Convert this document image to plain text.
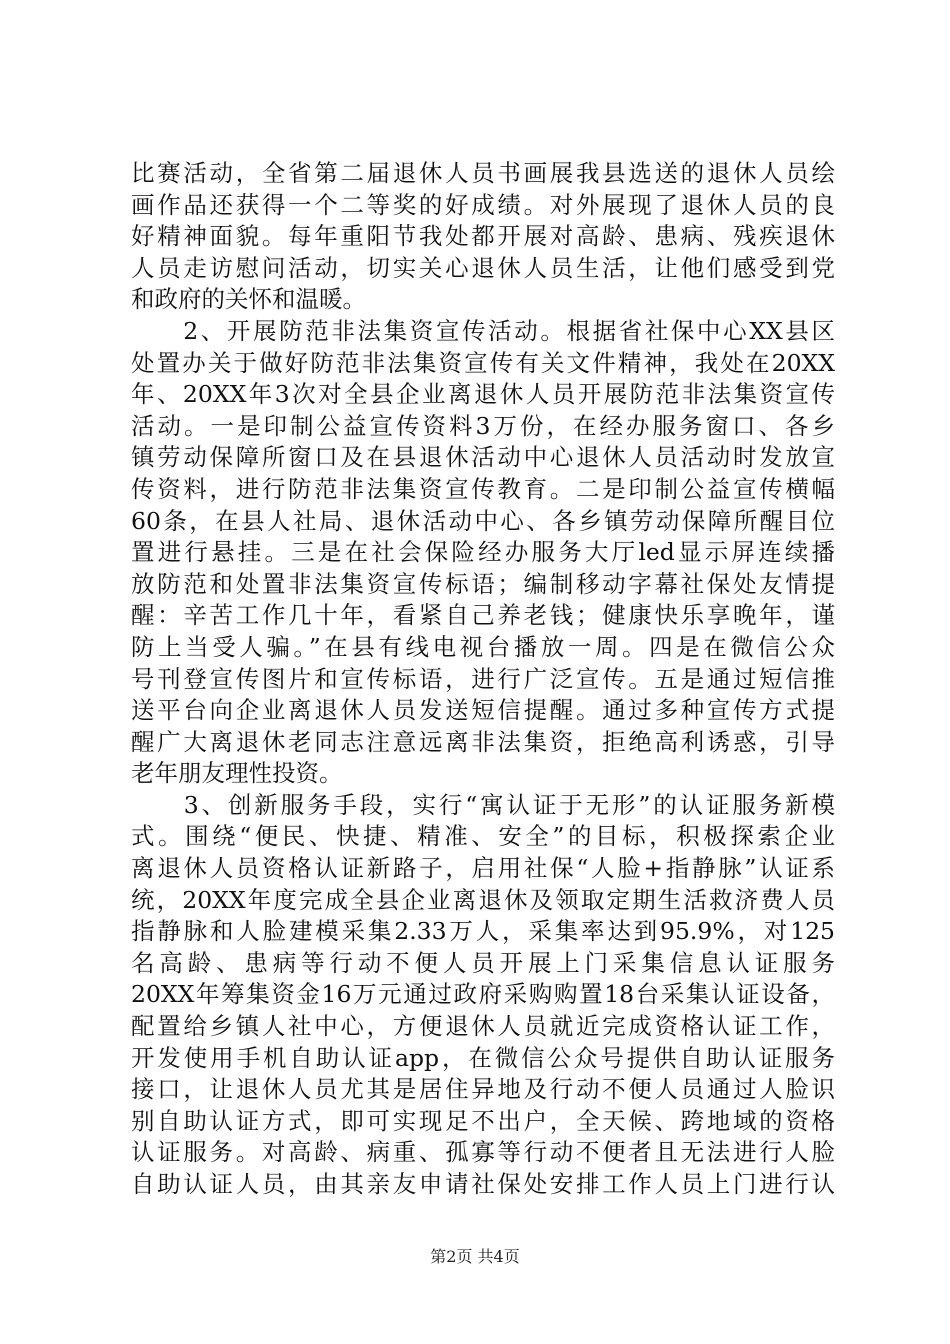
比赛活动，全省第二届退休人员书画展我县选送的退休人员绘
画作品还获得一个二等奖的好成绩。对外展现了退休人员的良
好精神面貌。每年重阳节我处都开展对高龄、患病、残疾退休
人员走访慰问活动，切实关心退休人员生活，让他们感受到党
和政府的关怀和温暖。
　　2、开展防范非法集资宣传活动。根据省社保中心XX县区
处置办关于做好防范非法集资宣传有关文件精神，我处在20XX
年、20XX年3次对全县企业离退休人员开展防范非法集资宣传
活动。一是印制公益宣传资料3万份，在经办服务窗口、各乡
镇劳动保障所窗口及在县退休活动中心退休人员活动时发放宣
传资料，进行防范非法集资宣传教育。二是印制公益宣传横幅
60条，在县人社局、退休活动中心、各乡镇劳动保障所醒目位
置进行悬挂。三是在社会保险经办服务大厅led显示屏连续播
放防范和处置非法集资宣传标语；编制移动字幕社保处友情提
醒：辛苦工作几十年，看紧自己养老钱；健康快乐享晚年，谨
防上当受人骗。”在县有线电视台播放一周。四是在微信公众
号刊登宣传图片和宣传标语，进行广泛宣传。五是通过短信推
送平台向企业离退休人员发送短信提醒。通过多种宣传方式提
醒广大离退休老同志注意远离非法集资，拒绝高利诱惑，引导
老年朋友理性投资。
　　3、创新服务手段，实行“寓认证于无形”的认证服务新模
式。围绕“便民、快捷、精准、安全”的目标，积极探索企业
离退休人员资格认证新路子，启用社保“人脸+指静脉”认证系
统，20XX年度完成全县企业离退休及领取定期生活救济费人员
指静脉和人脸建模采集2.33万人，采集率达到95.9%，对125
名高龄、患病等行动不便人员开展上门采集信息认证服务
20XX年筹集资金16万元通过政府采购购置18台采集认证设备，
配置给乡镇人社中心，方便退休人员就近完成资格认证工作，
开发使用手机自助认证app，在微信公众号提供自助认证服务
接口，让退休人员尤其是居住异地及行动不便人员通过人脸识
别自助认证方式，即可实现足不出户，全天候、跨地域的资格
认证服务。对高龄、病重、孤寡等行动不便者且无法进行人脸
自助认证人员，由其亲友申请社保处安排工作人员上门进行认
第2页 共4页
